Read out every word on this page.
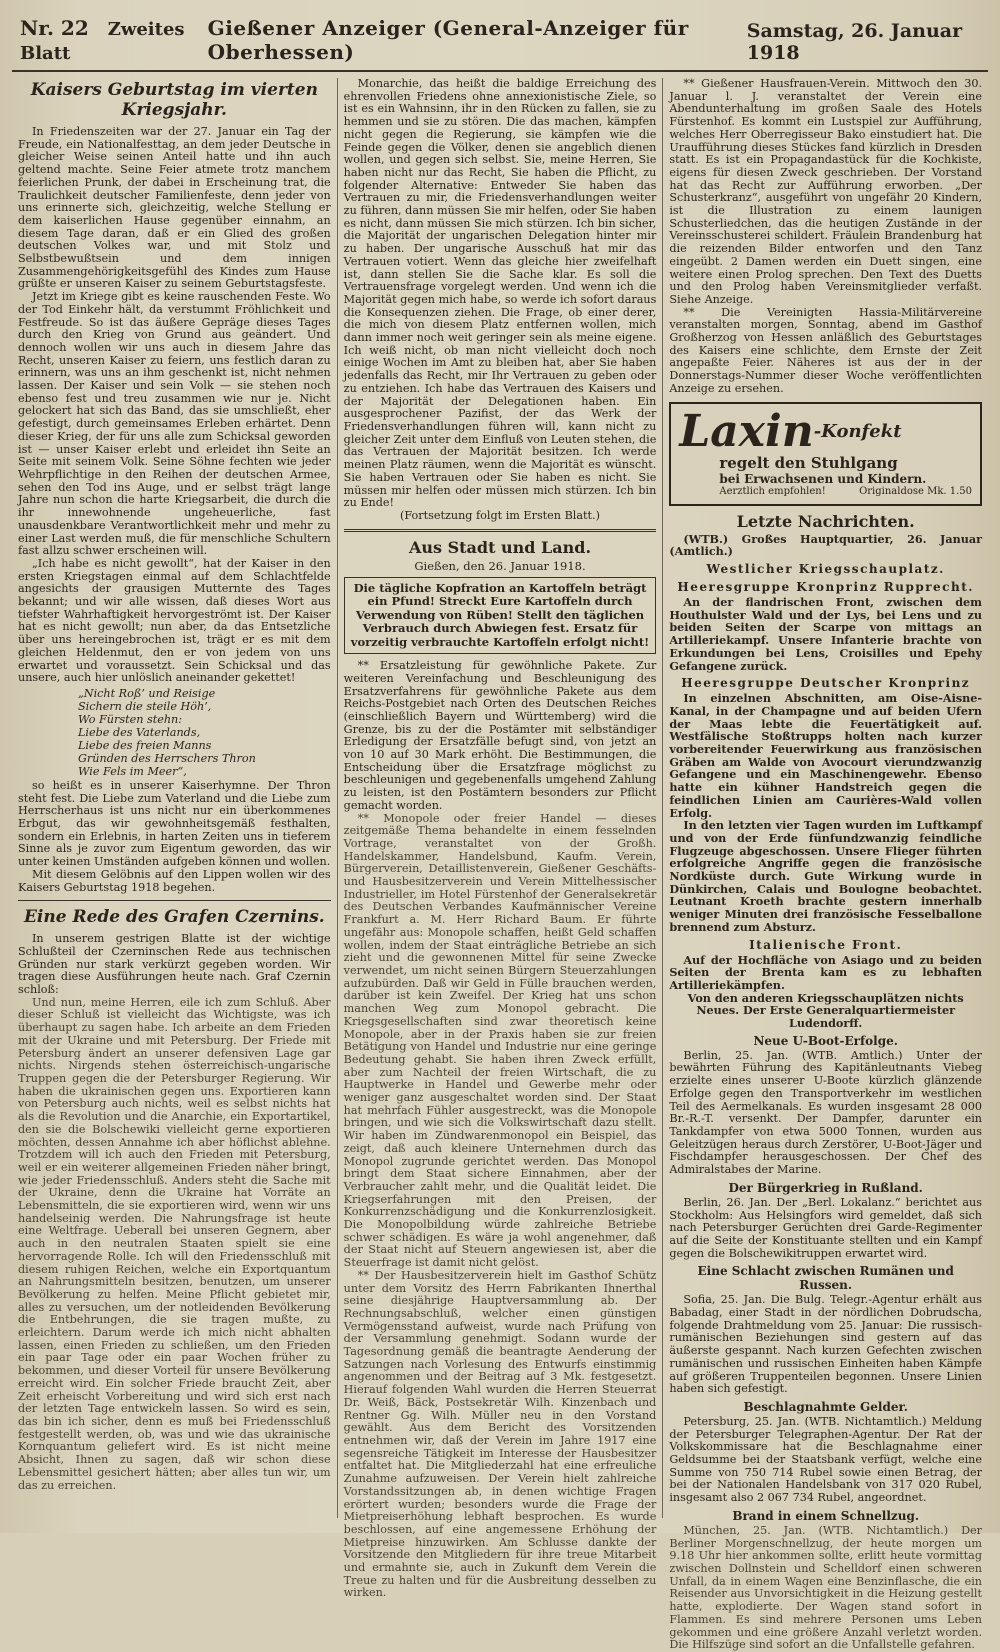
Nr. 22 Zweites Blatt
Gießener Anzeiger (General-Anzeiger für Oberhessen)
Samstag, 26. Januar 1918
Kaisers Geburtstag im vierten Kriegsjahr.

In Friedenszeiten war der 27. Januar ein Tag der Freude, ein Nationalfesttag, an dem jeder Deutsche in gleicher Weise seinen Anteil hatte und ihn auch geltend machte. Seine Feier atmete trotz manchem feierlichen Prunk, der dabei in Erscheinung trat, die Traulichkeit deutscher Familienfeste, denn jeder von uns erinnerte sich, gleichzeitig, welche Stellung er dem kaiserlichen Hause gegenüber einnahm, an diesem Tage daran, daß er ein Glied des großen deutschen Volkes war, und mit Stolz und Selbstbewußtsein und dem innigen Zusammengehörigkeitsgefühl des Kindes zum Hause grüßte er unseren Kaiser zu seinem Geburtstagsfeste.

Jetzt im Kriege gibt es keine rauschenden Feste. Wo der Tod Einkehr hält, da verstummt Fröhlichkeit und Festfreude. So ist das äußere Gepräge dieses Tages durch den Krieg von Grund aus geändert. Und dennoch wollen wir uns auch in diesem Jahre das Recht, unseren Kaiser zu feiern, uns festlich daran zu erinnern, was uns an ihm geschenkt ist, nicht nehmen lassen. Der Kaiser und sein Volk — sie stehen noch ebenso fest und treu zusammen wie nur je. Nicht gelockert hat sich das Band, das sie umschließt, eher gefestigt, durch gemeinsames Erleben erhärtet. Denn dieser Krieg, der für uns alle zum Schicksal geworden ist — unser Kaiser erlebt und erleidet ihn Seite an Seite mit seinem Volk. Seine Söhne fechten wie jeder Wehrpflichtige in den Reihen der deutschen Armee, sehen den Tod ins Auge, und er selbst trägt lange Jahre nun schon die harte Kriegsarbeit, die durch die ihr innewohnende ungeheuerliche, fast unausdenkbare Verantwortlichkeit mehr und mehr zu einer Last werden muß, die für menschliche Schultern fast allzu schwer erscheinen will.

„Ich habe es nicht gewollt“, hat der Kaiser in den ersten Kriegstagen einmal auf dem Schlachtfelde angesichts der grausigen Mutternte des Tages bekannt; und wir alle wissen, daß dieses Wort aus tiefster Wahrhaftigkeit hervorgeströmt ist. Der Kaiser hat es nicht gewollt; nun aber, da das Entsetzliche über uns hereingebrochen ist, trägt er es mit dem gleichen Heldenmut, den er von jedem von uns erwartet und voraussetzt. Sein Schicksal und das unsere, auch hier unlöslich aneinander gekettet!

„Nicht Roß’ und Reisige
Sichern die steile Höh’,
Wo Fürsten stehn:
Liebe des Vaterlands,
Liebe des freien Manns
Gründen des Herrschers Thron
Wie Fels im Meer“,

so heißt es in unserer Kaiserhymne. Der Thron steht fest. Die Liebe zum Vaterland und die Liebe zum Herrscherhaus ist uns nicht nur ein überkommenes Erbgut, das wir gewohnheitsgemäß festhalten, sondern ein Erlebnis, in harten Zeiten uns in tieferem Sinne als je zuvor zum Eigentum geworden, das wir unter keinen Umständen aufgeben können und wollen.

Mit diesem Gelöbnis auf den Lippen wollen wir des Kaisers Geburtstag 1918 begehen.

Eine Rede des Grafen Czernins.

In unserem gestrigen Blatte ist der wichtige Schlußteil der Czerninschen Rede aus technischen Gründen nur stark verkürzt gegeben worden. Wir tragen diese Ausführungen heute nach. Graf Czernin schloß:

Und nun, meine Herren, eile ich zum Schluß. Aber dieser Schluß ist vielleicht das Wichtigste, was ich überhaupt zu sagen habe. Ich arbeite an dem Frieden mit der Ukraine und mit Petersburg. Der Friede mit Petersburg ändert an unserer defensiven Lage gar nichts. Nirgends stehen österreichisch-ungarische Truppen gegen die der Petersburger Regierung. Wir haben die ukrainischen gegen uns. Exportieren kann von Petersburg auch nichts, weil es selbst nichts hat als die Revolution und die Anarchie, ein Exportartikel, den sie die Bolschewiki vielleicht gerne exportieren möchten, dessen Annahme ich aber höflichst ablehne. Trotzdem will ich auch den Frieden mit Petersburg, weil er ein weiterer allgemeinen Frieden näher bringt, wie jeder Friedensschluß. Anders steht die Sache mit der Ukraine, denn die Ukraine hat Vorräte an Lebensmitteln, die sie exportieren wird, wenn wir uns handelseinig werden. Die Nahrungsfrage ist heute eine Weltfrage. Ueberall bei unseren Gegnern, aber auch in den neutralen Staaten spielt sie eine hervorragende Rolle. Ich will den Friedensschluß mit diesem ruhigen Reichen, welche ein Exportquantum an Nahrungsmitteln besitzen, benutzen, um unserer Bevölkerung zu helfen. Meine Pflicht gebietet mir, alles zu versuchen, um der notleidenden Bevölkerung die Entbehrungen, die sie tragen mußte, zu erleichtern. Darum werde ich mich nicht abhalten lassen, einen Frieden zu schließen, um den Frieden ein paar Tage oder ein paar Wochen früher zu bekommen, und dieser Vorteil für unsere Bevölkerung erreicht wird. Ein solcher Friede braucht Zeit, aber Zeit erheischt Vorbereitung und wird sich erst nach der letzten Tage entwickeln lassen. So wird es sein, das bin ich sicher, denn es muß bei Friedensschluß festgestellt werden, ob, was und wie das ukrainische Kornquantum geliefert wird. Es ist nicht meine Absicht, Ihnen zu sagen, daß wir schon diese Lebensmittel gesichert hätten; aber alles tun wir, um das zu erreichen.

Monarchie, das heißt die baldige Erreichung des ehrenvollen Friedens ohne annexionistische Ziele, so ist es ein Wahnsinn, ihr in den Rücken zu fallen, sie zu hemmen und sie zu stören. Die das machen, kämpfen nicht gegen die Regierung, sie kämpfen wie die Feinde gegen die Völker, denen sie angeblich dienen wollen, und gegen sich selbst. Sie, meine Herren, Sie haben nicht nur das Recht, Sie haben die Pflicht, zu folgender Alternative: Entweder Sie haben das Vertrauen zu mir, die Friedensverhandlungen weiter zu führen, dann müssen Sie mir helfen, oder Sie haben es nicht, dann müssen Sie mich stürzen. Ich bin sicher, die Majorität der ungarischen Delegation hinter mir zu haben. Der ungarische Ausschuß hat mir das Vertrauen votiert. Wenn das gleiche hier zweifelhaft ist, dann stellen Sie die Sache klar. Es soll die Vertrauensfrage vorgelegt werden. Und wenn ich die Majorität gegen mich habe, so werde ich sofort daraus die Konsequenzen ziehen. Die Frage, ob einer derer, die mich von diesem Platz entfernen wollen, mich dann immer noch weit geringer sein als meine eigene. Ich weiß nicht, ob man nicht vielleicht doch noch einige Wochen im Amt zu bleiben hat, aber Sie haben jedenfalls das Recht, mir Ihr Vertrauen zu geben oder zu entziehen. Ich habe das Vertrauen des Kaisers und der Majorität der Delegationen haben. Ein ausgesprochener Pazifist, der das Werk der Friedensverhandlungen führen will, kann nicht zu gleicher Zeit unter dem Einfluß von Leuten stehen, die das Vertrauen der Majorität besitzen. Ich werde meinen Platz räumen, wenn die Majorität es wünscht. Sie haben Vertrauen oder Sie haben es nicht. Sie müssen mir helfen oder müssen mich stürzen. Ich bin zu Ende!

(Fortsetzung folgt im Ersten Blatt.)

Aus Stadt und Land.
Gießen, den 26. Januar 1918.
Die tägliche Kopfration an Kartoffeln beträgt ein Pfund! Streckt Eure Kartoffeln durch Verwendung von Rüben! Stellt den täglichen Verbrauch durch Abwiegen fest. Ersatz für vorzeitig verbrauchte Kartoffeln erfolgt nicht!

** Ersatzleistung für gewöhnliche Pakete. Zur weiteren Vereinfachung und Beschleunigung des Ersatzverfahrens für gewöhnliche Pakete aus dem Reichs-Postgebiet nach Orten des Deutschen Reiches (einschließlich Bayern und Württemberg) wird die Grenze, bis zu der die Postämter mit selbständiger Erledigung der Ersatzfälle befugt sind, von jetzt an von 10 auf 30 Mark erhöht. Die Bestimmungen, die Entscheidung über die Ersatzfrage möglichst zu beschleunigen und gegebenenfalls umgehend Zahlung zu leisten, ist den Postämtern besonders zur Pflicht gemacht worden.

** Monopole oder freier Handel — dieses zeitgemäße Thema behandelte in einem fesselnden Vortrage, veranstaltet von der Großh. Handelskammer, Handelsbund, Kaufm. Verein, Bürgerverein, Detaillistenverein, Gießener Geschäfts- und Hausbesitzerverein und Verein Mittelhessischer Industrieller, im Hotel Fürstenhof der Generalsekretär des Deutschen Verbandes Kaufmännischer Vereine Frankfurt a. M. Herr Richard Baum. Er führte ungefähr aus: Monopole schaffen, heißt Geld schaffen wollen, indem der Staat einträgliche Betriebe an sich zieht und die gewonnenen Mittel für seine Zwecke verwendet, um nicht seinen Bürgern Steuerzahlungen aufzubürden. Daß wir Geld in Fülle brauchen werden, darüber ist kein Zweifel. Der Krieg hat uns schon manchen Weg zum Monopol gebracht. Die Kriegsgesellschaften sind zwar theoretisch keine Monopole, aber in der Praxis haben sie zur freien Betätigung von Handel und Industrie nur eine geringe Bedeutung gehabt. Sie haben ihren Zweck erfüllt, aber zum Nachteil der freien Wirtschaft, die zu Hauptwerke in Handel und Gewerbe mehr oder weniger ganz ausgeschaltet worden sind. Der Staat hat mehrfach Fühler ausgestreckt, was die Monopole bringen, und wie sich die Volkswirtschaft dazu stellt. Wir haben im Zündwarenmonopol ein Beispiel, das zeigt, daß auch kleinere Unternehmen durch das Monopol zugrunde gerichtet werden. Das Monopol bringt dem Staat sichere Einnahmen, aber der Verbraucher zahlt mehr, und die Qualität leidet. Die Kriegserfahrungen mit den Preisen, der Konkurrenzschädigung und die Konkurrenzlosigkeit. Die Monopolbildung würde zahlreiche Betriebe schwer schädigen. Es wäre ja wohl angenehmer, daß der Staat nicht auf Steuern angewiesen ist, aber die Steuerfrage ist damit nicht gelöst.

** Der Hausbesitzerverein hielt im Gasthof Schütz unter dem Vorsitz des Herrn Fabrikanten Ihnerthal seine diesjährige Hauptversammlung ab. Der Rechnungsabschluß, welcher einen günstigen Vermögensstand aufweist, wurde nach Prüfung von der Versammlung genehmigt. Sodann wurde der Tagesordnung gemäß die beantragte Aenderung der Satzungen nach Vorlesung des Entwurfs einstimmig angenommen und der Beitrag auf 3 Mk. festgesetzt. Hierauf folgenden Wahl wurden die Herren Steuerrat Dr. Weiß, Bäck, Postsekretär Wilh. Kinzenbach und Rentner Gg. Wilh. Müller neu in den Vorstand gewählt. Aus dem Bericht des Vorsitzenden entnehmen wir, daß der Verein im Jahre 1917 eine segensreiche Tätigkeit im Interesse der Hausbesitzer entfaltet hat. Die Mitgliederzahl hat eine erfreuliche Zunahme aufzuweisen. Der Verein hielt zahlreiche Vorstandssitzungen ab, in denen wichtige Fragen erörtert wurden; besonders wurde die Frage der Mietpreiserhöhung lebhaft besprochen. Es wurde beschlossen, auf eine angemessene Erhöhung der Mietpreise hinzuwirken. Am Schlusse dankte der Vorsitzende den Mitgliedern für ihre treue Mitarbeit und ermahnte sie, auch in Zukunft dem Verein die Treue zu halten und für die Ausbreitung desselben zu wirken.

** Gießener Hausfrauen-Verein. Mittwoch den 30. Januar l. J. veranstaltet der Verein eine Abendunterhaltung im großen Saale des Hotels Fürstenhof. Es kommt ein Lustspiel zur Aufführung, welches Herr Oberregisseur Bako einstudiert hat. Die Uraufführung dieses Stückes fand kürzlich in Dresden statt. Es ist ein Propagandastück für die Kochkiste, eigens für diesen Zweck geschrieben. Der Vorstand hat das Recht zur Aufführung erworben. „Der Schusterkranz“, ausgeführt von ungefähr 20 Kindern, ist die Illustration zu einem launigen Schusterliedchen, das die heutigen Zustände in der Vereinsschusterei schildert. Fräulein Brandenburg hat die reizenden Bilder entworfen und den Tanz eingeübt. 2 Damen werden ein Duett singen, eine weitere einen Prolog sprechen. Den Text des Duetts und den Prolog haben Vereinsmitglieder verfaßt. Siehe Anzeige.

** Die Vereinigten Hassia-Militärvereine veranstalten morgen, Sonntag, abend im Gasthof Großherzog von Hessen anläßlich des Geburtstages des Kaisers eine schlichte, dem Ernste der Zeit angepaßte Feier. Näheres ist aus der in der Donnerstags-Nummer dieser Woche veröffentlichten Anzeige zu ersehen.

Laxin$^{-Konfekt}$
regelt den Stuhlgang
bei Erwachsenen und Kindern.
Aerztlich empfohlen!	Originaldose Mk. 1.50
Letzte Nachrichten.

(WTB.) Großes Hauptquartier, 26. Januar (Amtlich.)

Westlicher Kriegsschauplatz.
Heeresgruppe Kronprinz Rupprecht.

An der flandrischen Front, zwischen dem Houthulster Wald und der Lys, bei Lens und zu beiden Seiten der Scarpe von mittags an Artilleriekampf. Unsere Infanterie brachte von Erkundungen bei Lens, Croisilles und Epehy Gefangene zurück.

Heeresgruppe Deutscher Kronprinz

In einzelnen Abschnitten, am Oise-Aisne-Kanal, in der Champagne und auf beiden Ufern der Maas lebte die Feuertätigkeit auf. Westfälische Stoßtrupps holten nach kurzer vorbereitender Feuerwirkung aus französischen Gräben am Walde von Avocourt vierundzwanzig Gefangene und ein Maschinengewehr. Ebenso hatte ein kühner Handstreich gegen die feindlichen Linien am Caurières-Wald vollen Erfolg.

In den letzten vier Tagen wurden im Luftkampf und von der Erde fünfundzwanzig feindliche Flugzeuge abgeschossen. Unsere Flieger führten erfolgreiche Angriffe gegen die französische Nordküste durch. Gute Wirkung wurde in Dünkirchen, Calais und Boulogne beobachtet. Leutnant Kroeth brachte gestern innerhalb weniger Minuten drei französische Fesselballone brennend zum Absturz.

Italienische Front.

Auf der Hochfläche von Asiago und zu beiden Seiten der Brenta kam es zu lebhaften Artilleriekämpfen.

Von den anderen Kriegsschauplätzen nichts Neues. Der Erste Generalquartiermeister Ludendorff.

Neue U-Boot-Erfolge.

Berlin, 25. Jan. (WTB. Amtlich.) Unter der bewährten Führung des Kapitänleutnants Viebeg erzielte eines unserer U-Boote kürzlich glänzende Erfolge gegen den Transportverkehr im westlichen Teil des Aermelkanals. Es wurden insgesamt 28 000 Br.-R.-T. versenkt. Der Dampfer, darunter ein Tankdampfer von etwa 5000 Tonnen, wurden aus Geleitzügen heraus durch Zerstörer, U-Boot-Jäger und Fischdampfer herausgeschossen. Der Chef des Admiralstabes der Marine.

Der Bürgerkrieg in Rußland.

Berlin, 26. Jan. Der „Berl. Lokalanz.“ berichtet aus Stockholm: Aus Helsingfors wird gemeldet, daß sich nach Petersburger Gerüchten drei Garde-Regimenter auf die Seite der Konstituante stellten und ein Kampf gegen die Bolschewikitruppen erwartet wird.

Eine Schlacht zwischen Rumänen und Russen.

Sofia, 25. Jan. Die Bulg. Telegr.-Agentur erhält aus Babadag, einer Stadt in der nördlichen Dobrudscha, folgende Drahtmeldung vom 25. Januar: Die russisch-rumänischen Beziehungen sind gestern auf das äußerste gespannt. Nach kurzen Gefechten zwischen rumänischen und russischen Einheiten haben Kämpfe auf größeren Truppenteilen begonnen. Unsere Linien haben sich gefestigt.

Beschlagnahmte Gelder.

Petersburg, 25. Jan. (WTB. Nichtamtlich.) Meldung der Petersburger Telegraphen-Agentur. Der Rat der Volkskommissare hat die Beschlagnahme einer Geldsumme bei der Staatsbank verfügt, welche eine Summe von 750 714 Rubel sowie einen Betrag, der bei der Nationalen Handelsbank von 317 020 Rubel, insgesamt also 2 067 734 Rubel, angeordnet.

Brand in einem Schnellzug.

München, 25. Jan. (WTB. Nichtamtlich.) Der Berliner Morgenschnellzug, der heute morgen um 9.18 Uhr hier ankommen sollte, erlitt heute vormittag zwischen Dollnstein und Schelldorf einen schweren Unfall, da in einem Wagen eine Benzinflasche, die ein Reisender aus Unvorsichtigkeit in die Heizung gestellt hatte, explodierte. Der Wagen stand sofort in Flammen. Es sind mehrere Personen ums Leben gekommen und eine größere Anzahl verletzt worden. Die Hilfszüge sind sofort an die Unfallstelle gefahren.
